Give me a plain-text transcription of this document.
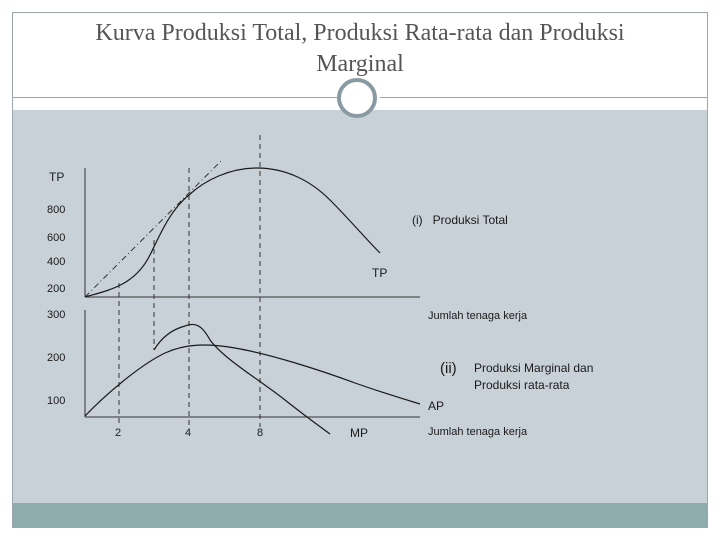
Kurva Produksi Total, Produksi Rata-rata dan Produksi
Marginal
TP
800
600
400
200
(i)   Produksi Total
TP
300
200
100
Jumlah tenaga kerja
(ii) Produksi Marginal dan
Produksi rata-rata
AP
MP	Jumlah tenaga kerja
2	4	8
